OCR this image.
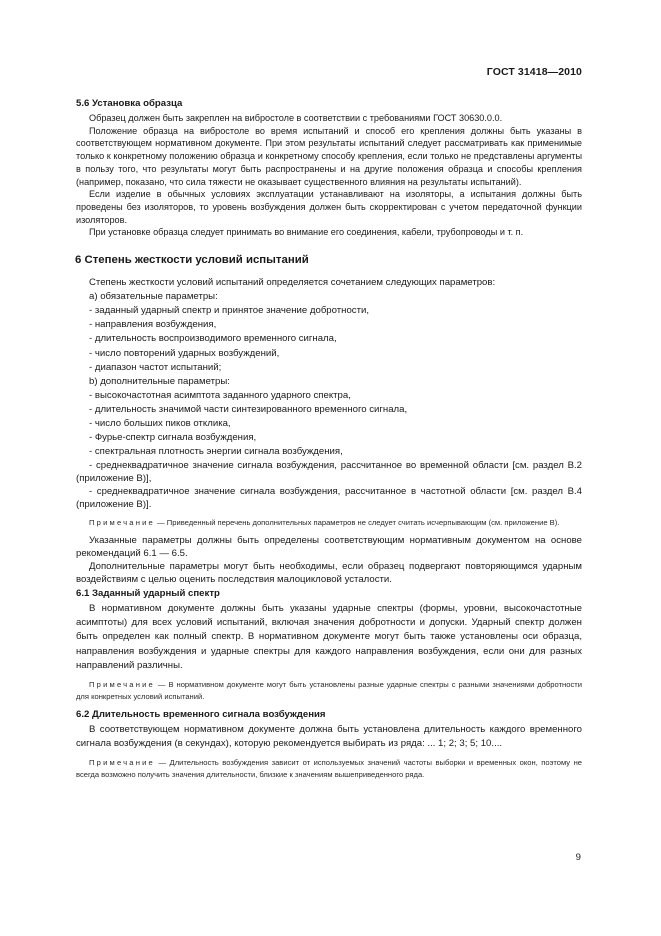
ГОСТ 31418—2010
5.6 Установка образца

Образец должен быть закреплен на вибростоле в соответствии с требованиями ГОСТ 30630.0.0.

Положение образца на вибростоле во время испытаний и способ его крепления должны быть указаны в соответствующем нормативном документе. При этом результаты испытаний следует рассматривать как применимые только к конкретному положению образца и конкретному способу крепления, если только не представлены аргументы в пользу того, что результаты могут быть распространены и на другие положения образца и способы крепления (например, показано, что сила тяжести не оказывает существенного влияния на результаты испытаний).

Если изделие в обычных условиях эксплуатации устанавливают на изоляторы, а испытания должны быть проведены без изоляторов, то уровень возбуждения должен быть скорректирован с учетом передаточной функции изоляторов.

При установке образца следует принимать во внимание его соединения, кабели, трубопроводы и т. п.

6 Степень жесткости условий испытаний

Степень жесткости условий испытаний определяется сочетанием следующих параметров:

а) обязательные параметры:

- заданный ударный спектр и принятое значение добротности,

- направления возбуждения,

- длительность воспроизводимого временного сигнала,

- число повторений ударных возбуждений,

- диапазон частот испытаний;

b) дополнительные параметры:

- высокочастотная асимптота заданного ударного спектра,

- длительность значимой части синтезированного временного сигнала,

- число больших пиков отклика,

- Фурье-спектр сигнала возбуждения,

- спектральная плотность энергии сигнала возбуждения,

- среднеквадратичное значение сигнала возбуждения, рассчитанное во временной области [см. раздел В.2 (приложение В)],

- среднеквадратичное значение сигнала возбуждения, рассчитанное в частотной области [см. раздел В.4 (приложение В)].

Примечание — Приведенный перечень дополнительных параметров не следует считать исчерпывающим (см. приложение В).

Указанные параметры должны быть определены соответствующим нормативным документом на основе рекомендаций 6.1 — 6.5.

Дополнительные параметры могут быть необходимы, если образец подвергают повторяющимся ударным воздействиям с целью оценить последствия малоцикловой усталости.

6.1 Заданный ударный спектр

В нормативном документе должны быть указаны ударные спектры (формы, уровни, высокочастотные асимптоты) для всех условий испытаний, включая значения добротности и допуски. Ударный спектр должен быть определен как полный спектр. В нормативном документе могут быть также установлены оси образца, направления возбуждения и ударные спектры для каждого направления возбуждения, если они для разных направлений различны.

Примечание — В нормативном документе могут быть установлены разные ударные спектры с разными значениями добротности для конкретных условий испытаний.

6.2 Длительность временного сигнала возбуждения

В соответствующем нормативном документе должна быть установлена длительность каждого временного сигнала возбуждения (в секундах), которую рекомендуется выбирать из ряда: ... 1; 2; 3; 5; 10....

Примечание — Длительность возбуждения зависит от используемых значений частоты выборки и временных окон, поэтому не всегда возможно получить значения длительности, близкие к значениям вышеприведенного ряда.

9
